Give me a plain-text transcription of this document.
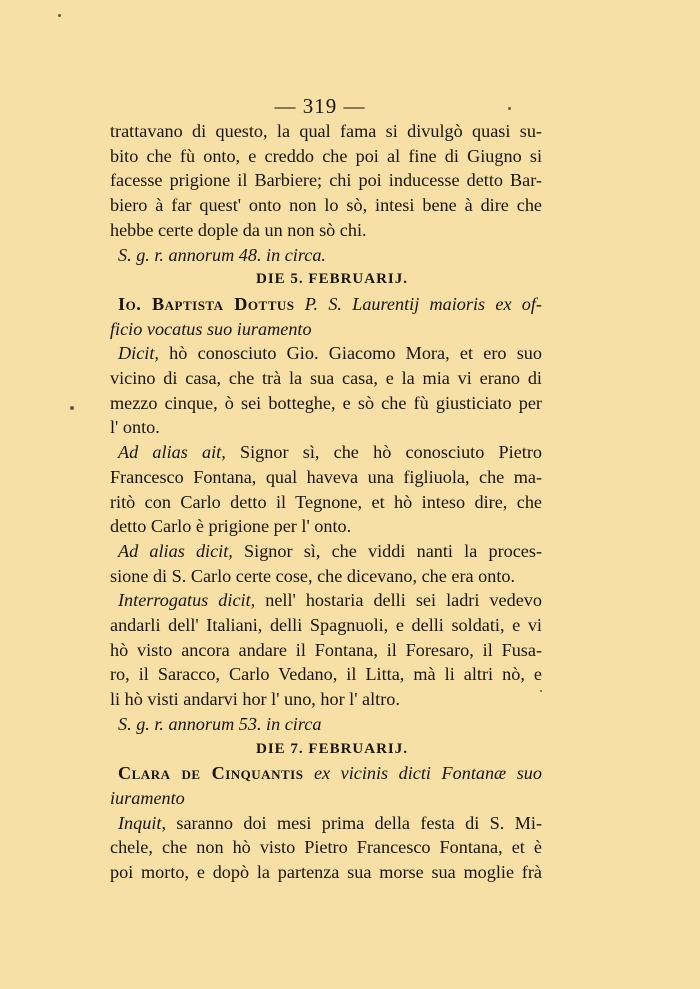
— 319 —

trattavano di questo, la qual fama si divulgò quasi su-

bito che fù onto, e creddo che poi al fine di Giugno si

facesse prigione il Barbiere; chi poi inducesse detto Bar-

biero à far quest' onto non lo sò, intesi bene à dire che

hebbe certe dople da un non sò chi.

S. g. r. annorum 48. in circa.

DIE 5. FEBRUARIJ.

Io. Baptista Dottus P. S. Laurentij maioris ex of-

ficio vocatus suo iuramento

Dicit, hò conosciuto Gio. Giacomo Mora, et ero suo

vicino di casa, che trà la sua casa, e la mia vi erano di

mezzo cinque, ò sei botteghe, e sò che fù giusticiato per

l' onto.

Ad alias ait, Signor sì, che hò conosciuto Pietro

Francesco Fontana, qual haveva una figliuola, che ma-

ritò con Carlo detto il Tegnone, et hò inteso dire, che

detto Carlo è prigione per l' onto.

Ad alias dicit, Signor sì, che viddi nanti la proces-

sione di S. Carlo certe cose, che dicevano, che era onto.

Interrogatus dicit, nell' hostaria delli sei ladri vedevo

andarli dell' Italiani, delli Spagnuoli, e delli soldati, e vi

hò visto ancora andare il Fontana, il Foresaro, il Fusa-

ro, il Saracco, Carlo Vedano, il Litta, mà li altri nò, e

li hò visti andarvi hor l' uno, hor l' altro.

S. g. r. annorum 53. in circa

DIE 7. FEBRUARIJ.

Clara de Cinquantis ex vicinis dicti Fontanæ suo

iuramento

Inquit, saranno doi mesi prima della festa di S. Mi-

chele, che non hò visto Pietro Francesco Fontana, et è

poi morto, e dopò la partenza sua morse sua moglie frà
